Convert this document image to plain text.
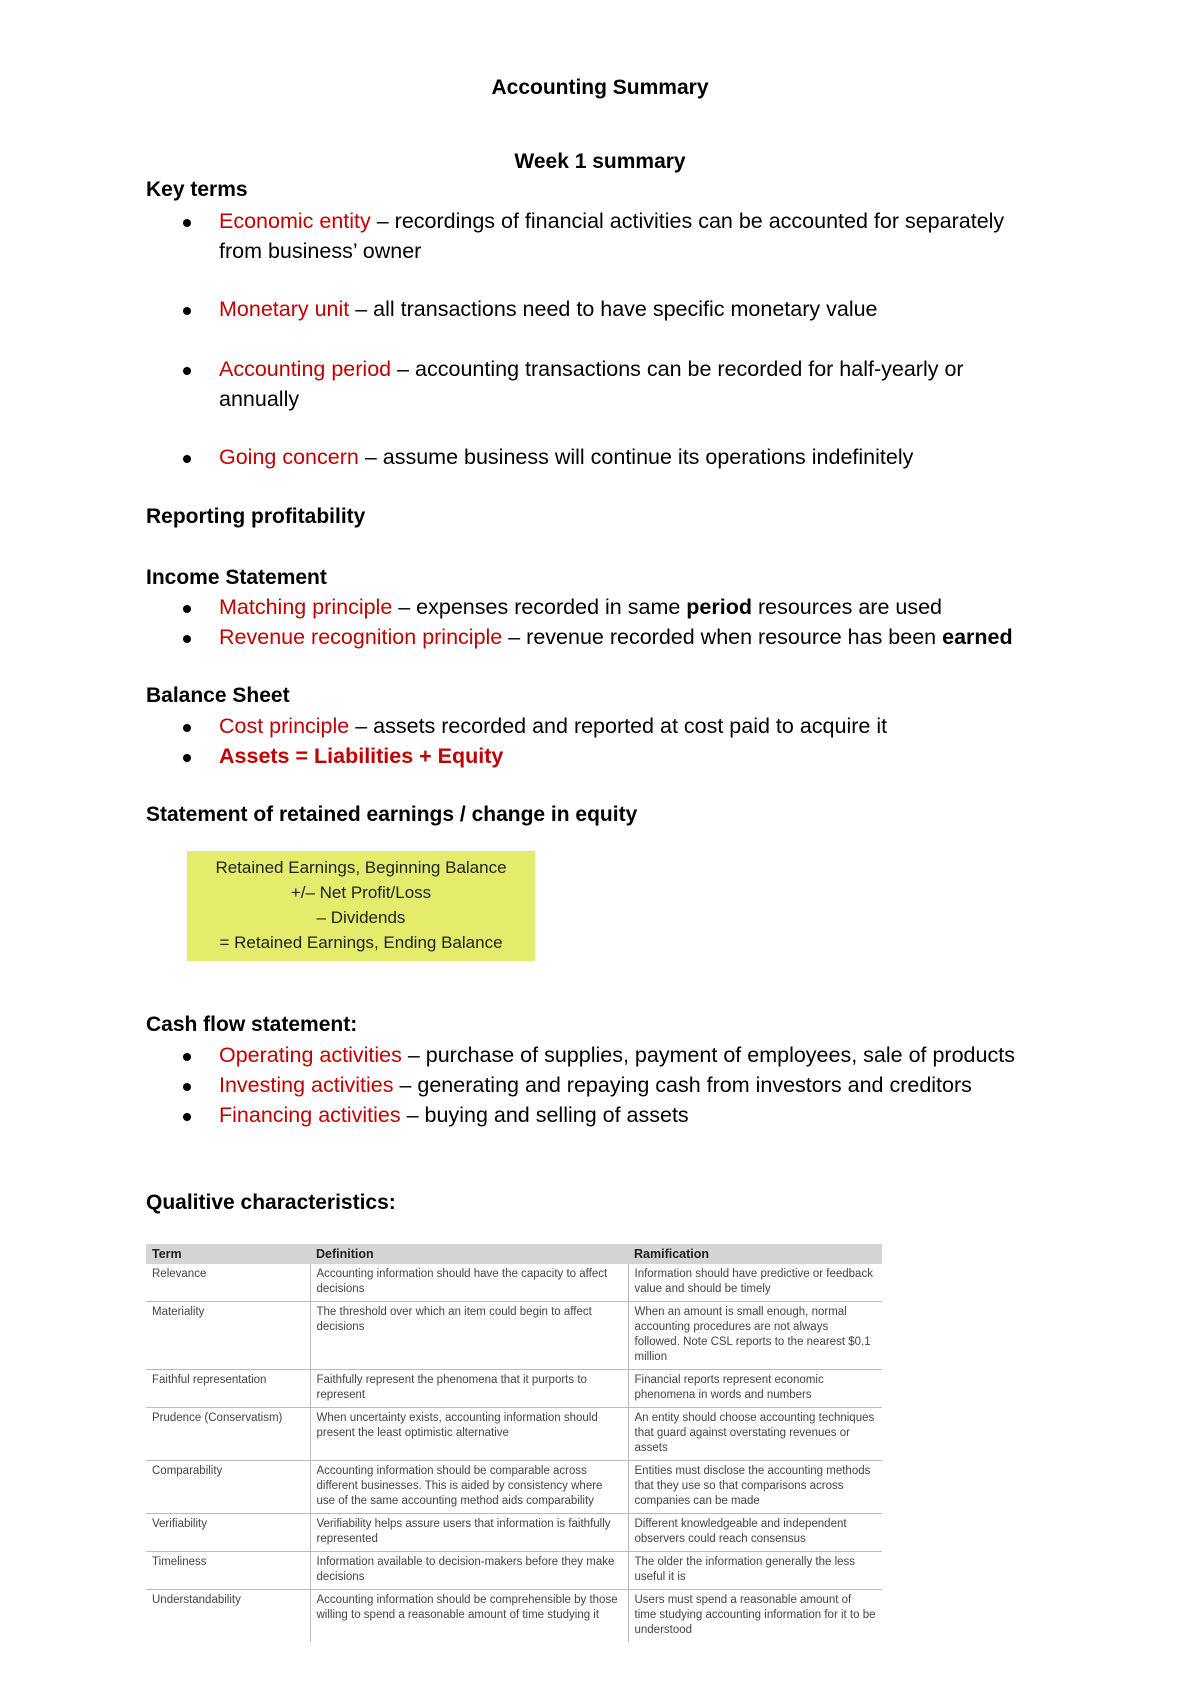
Accounting Summary
Week 1 summary
Key terms
Economic entity – recordings of financial activities can be accounted for separately from business’ owner
Monetary unit – all transactions need to have specific monetary value
Accounting period – accounting transactions can be recorded for half-yearly or annually
Going concern – assume business will continue its operations indefinitely
Reporting profitability
Income Statement
Matching principle – expenses recorded in same period resources are used
Revenue recognition principle – revenue recorded when resource has been earned
Balance Sheet
Cost principle – assets recorded and reported at cost paid to acquire it
Assets = Liabilities + Equity
Statement of retained earnings / change in equity
Retained Earnings, Beginning Balance
+/– Net Profit/Loss
– Dividends
= Retained Earnings, Ending Balance
Cash flow statement:
Operating activities – purchase of supplies, payment of employees, sale of products
Investing activities – generating and repaying cash from investors and creditors
Financing activities – buying and selling of assets
Qualitive characteristics:
Term	Definition	Ramification
Relevance	Accounting information should have the capacity to affect decisions	Information should have predictive or feedback value and should be timely
Materiality	The threshold over which an item could begin to affect decisions	When an amount is small enough, normal accounting procedures are not always followed. Note CSL reports to the nearest $0.1 million
Faithful representation	Faithfully represent the phenomena that it purports to represent	Financial reports represent economic phenomena in words and numbers
Prudence (Conservatism)	When uncertainty exists, accounting information should present the least optimistic alternative	An entity should choose accounting techniques that guard against overstating revenues or assets
Comparability	Accounting information should be comparable across different businesses. This is aided by consistency where use of the same accounting method aids comparability	Entities must disclose the accounting methods that they use so that comparisons across companies can be made
Verifiability	Verifiability helps assure users that information is faithfully represented	Different knowledgeable and independent observers could reach consensus
Timeliness	Information available to decision-makers before they make decisions	The older the information generally the less useful it is
Understandability	Accounting information should be comprehensible by those willing to spend a reasonable amount of time studying it	Users must spend a reasonable amount of time studying accounting information for it to be understood
